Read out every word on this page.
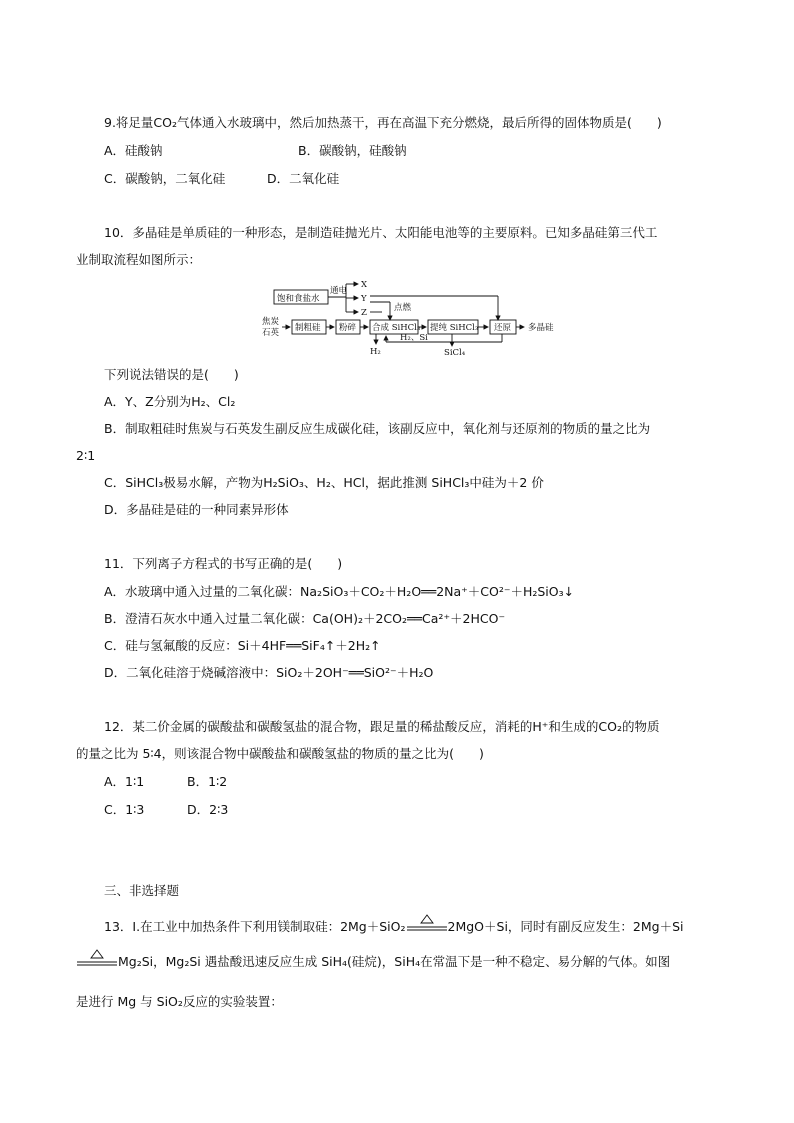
9.将足量CO₂气体通入水玻璃中，然后加热蒸干，再在高温下充分燃烧，最后所得的固体物质是(　　)
A．硅酸钠	B．碳酸钠，硅酸钠
C．碳酸钠，二氧化硅	D．二氧化硅
10．多晶硅是单质硅的一种形态，是制造硅抛光片、太阳能电池等的主要原料。已知多晶硅第三代工
业制取流程如图所示：
饱和食盐水
通电
X
Y
Z	点燃
焦炭
石英 制粗硅 粉碎 合成 SiHCl₃ 提纯 SiHCl₃ 还原 多晶硅
H₂
H₂、Si
SiCl₄
下列说法错误的是(　　)
A．Y、Z分别为H₂、Cl₂
B．制取粗硅时焦炭与石英发生副反应生成碳化硅，该副反应中，氧化剂与还原剂的物质的量之比为
2∶1
C．SiHCl₃极易水解，产物为H₂SiO₃、H₂、HCl，据此推测 SiHCl₃中硅为＋2 价
D．多晶硅是硅的一种同素异形体
11．下列离子方程式的书写正确的是(　　)
A．水玻璃中通入过量的二氧化碳：Na₂SiO₃＋CO₂＋H₂O══2Na⁺＋CO²⁻＋H₂SiO₃↓
B．澄清石灰水中通入过量二氧化碳：Ca(OH)₂＋2CO₂══Ca²⁺＋2HCO⁻
C．硅与氢氟酸的反应：Si＋4HF══SiF₄↑＋2H₂↑
D．二氧化硅溶于烧碱溶液中：SiO₂＋2OH⁻══SiO²⁻＋H₂O
12．某二价金属的碳酸盐和碳酸氢盐的混合物，跟足量的稀盐酸反应，消耗的H⁺和生成的CO₂的物质
的量之比为 5∶4，则该混合物中碳酸盐和碳酸氢盐的物质的量之比为(　　)
A．1∶1	B．1∶2
C．1∶3	D．2∶3
三、非选择题
13．Ⅰ.在工业中加热条件下利用镁制取硅：2Mg＋SiO₂	2MgO＋Si，同时有副反应发生：2Mg＋Si
Mg₂Si，Mg₂Si 遇盐酸迅速反应生成 SiH₄(硅烷)，SiH₄在常温下是一种不稳定、易分解的气体。如图
是进行 Mg 与 SiO₂反应的实验装置：
